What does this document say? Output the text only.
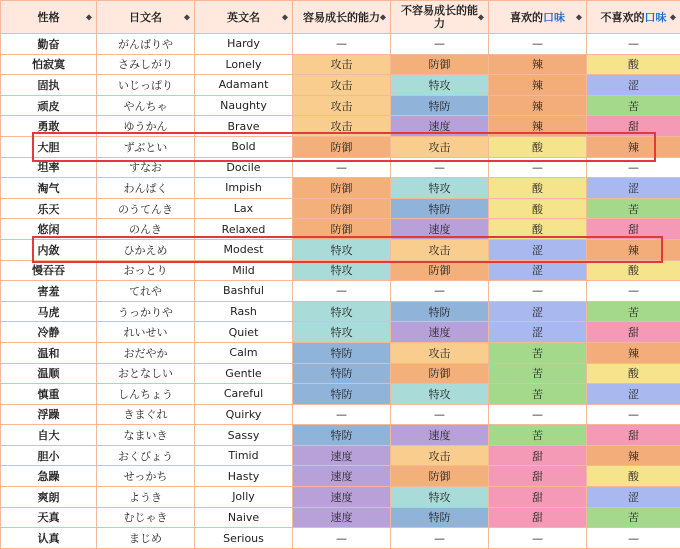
性格 ◆	日文名 ◆	英文名 ◆	容易成长的能力 ◆	不容易成长的能力 ◆	喜欢的口味 ◆	不喜欢的口味 ◆

勤奋	がんばりや	Hardy	—	—	—	—
怕寂寞	さみしがり	Lonely	攻击	防御	辣	酸
固执	いじっぱり	Adamant	攻击	特攻	辣	涩
顽皮	やんちゃ	Naughty	攻击	特防	辣	苦
勇敢	ゆうかん	Brave	攻击	速度	辣	甜
大胆	ずぶとい	Bold	防御	攻击	酸	辣
坦率	すなお	Docile	—	—	—	—
淘气	わんぱく	Impish	防御	特攻	酸	涩
乐天	のうてんき	Lax	防御	特防	酸	苦
悠闲	のんき	Relaxed	防御	速度	酸	甜
内敛	ひかえめ	Modest	特攻	攻击	涩	辣
慢吞吞	おっとり	Mild	特攻	防御	涩	酸
害羞	てれや	Bashful	—	—	—	—
马虎	うっかりや	Rash	特攻	特防	涩	苦
冷静	れいせい	Quiet	特攻	速度	涩	甜
温和	おだやか	Calm	特防	攻击	苦	辣
温顺	おとなしい	Gentle	特防	防御	苦	酸
慎重	しんちょう	Careful	特防	特攻	苦	涩
浮躁	きまぐれ	Quirky	—	—	—	—
自大	なまいき	Sassy	特防	速度	苦	甜
胆小	おくびょう	Timid	速度	攻击	甜	辣
急躁	せっかち	Hasty	速度	防御	甜	酸
爽朗	ようき	Jolly	速度	特攻	甜	涩
天真	むじゃき	Naive	速度	特防	甜	苦
认真	まじめ	Serious	—	—	—	—
